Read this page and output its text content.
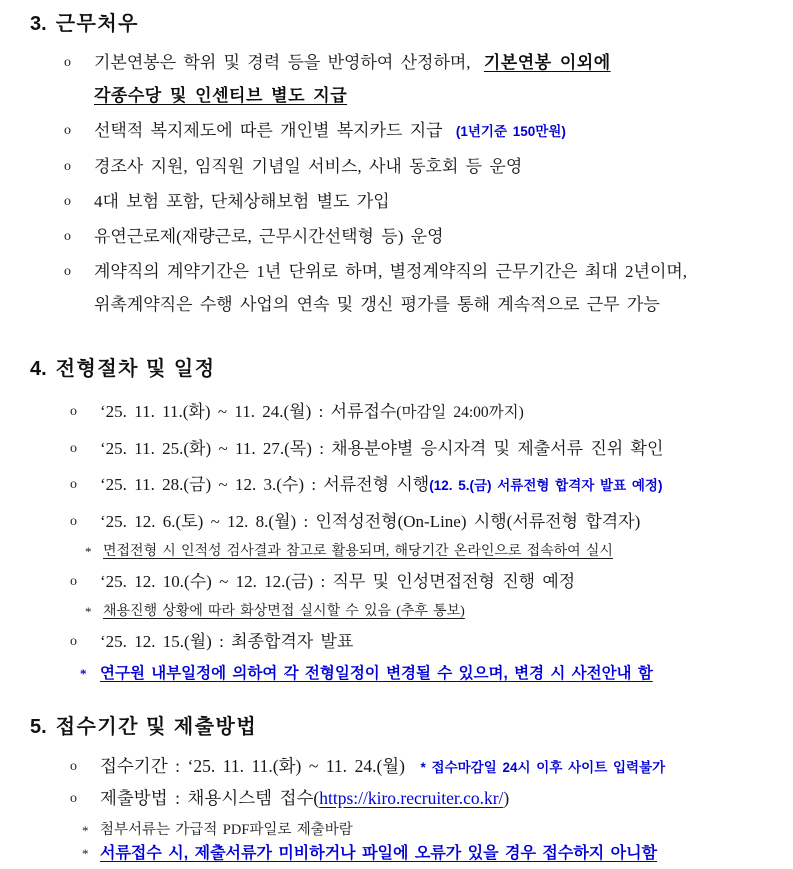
3. 근무처우
o	기본연봉은 학위 및 경력 등을 반영하여 산정하며, 기본연봉 이외에
각종수당 및 인센티브 별도 지급
o	선택적 복지제도에 따른 개인별 복지카드 지급 (1년기준 150만원)
o	경조사 지원, 임직원 기념일 서비스, 사내 동호회 등 운영
o	4대 보험 포함, 단체상해보험 별도 가입
o	유연근로제(재량근로, 근무시간선택형 등) 운영
o	계약직의 계약기간은 1년 단위로 하며, 별정계약직의 근무기간은 최대 2년이며,
위촉계약직은 수행 사업의 연속 및 갱신 평가를 통해 계속적으로 근무 가능
4. 전형절차 및 일정
o	‘25. 11. 11.(화) ~ 11. 24.(월) : 서류접수(마감일 24:00까지)
o	‘25. 11. 25.(화) ~ 11. 27.(목) : 채용분야별 응시자격 및 제출서류 진위 확인
o	‘25. 11. 28.(금) ~ 12. 3.(수) : 서류전형 시행(12. 5.(금) 서류전형 합격자 발표 예정)
o	‘25. 12. 6.(토) ~ 12. 8.(월) : 인적성전형(On-Line) 시행(서류전형 합격자)
* 면접전형 시 인적성 검사결과 참고로 활용되며, 해당기간 온라인으로 접속하여 실시
o	‘25. 12. 10.(수) ~ 12. 12.(금) : 직무 및 인성면접전형 진행 예정
* 채용진행 상황에 따라 화상면접 실시할 수 있음 (추후 통보)
o	‘25. 12. 15.(월) : 최종합격자 발표
* 연구원 내부일정에 의하여 각 전형일정이 변경될 수 있으며, 변경 시 사전안내 함
5. 접수기간 및 제출방법
o	접수기간 : ‘25. 11. 11.(화) ~ 11. 24.(월) * 접수마감일 24시 이후 사이트 입력불가
o	제출방법 : 채용시스템 접수(https://kiro.recruiter.co.kr/)
* 첨부서류는 가급적 PDF파일로 제출바람
* 서류접수 시, 제출서류가 미비하거나 파일에 오류가 있을 경우 접수하지 아니함
